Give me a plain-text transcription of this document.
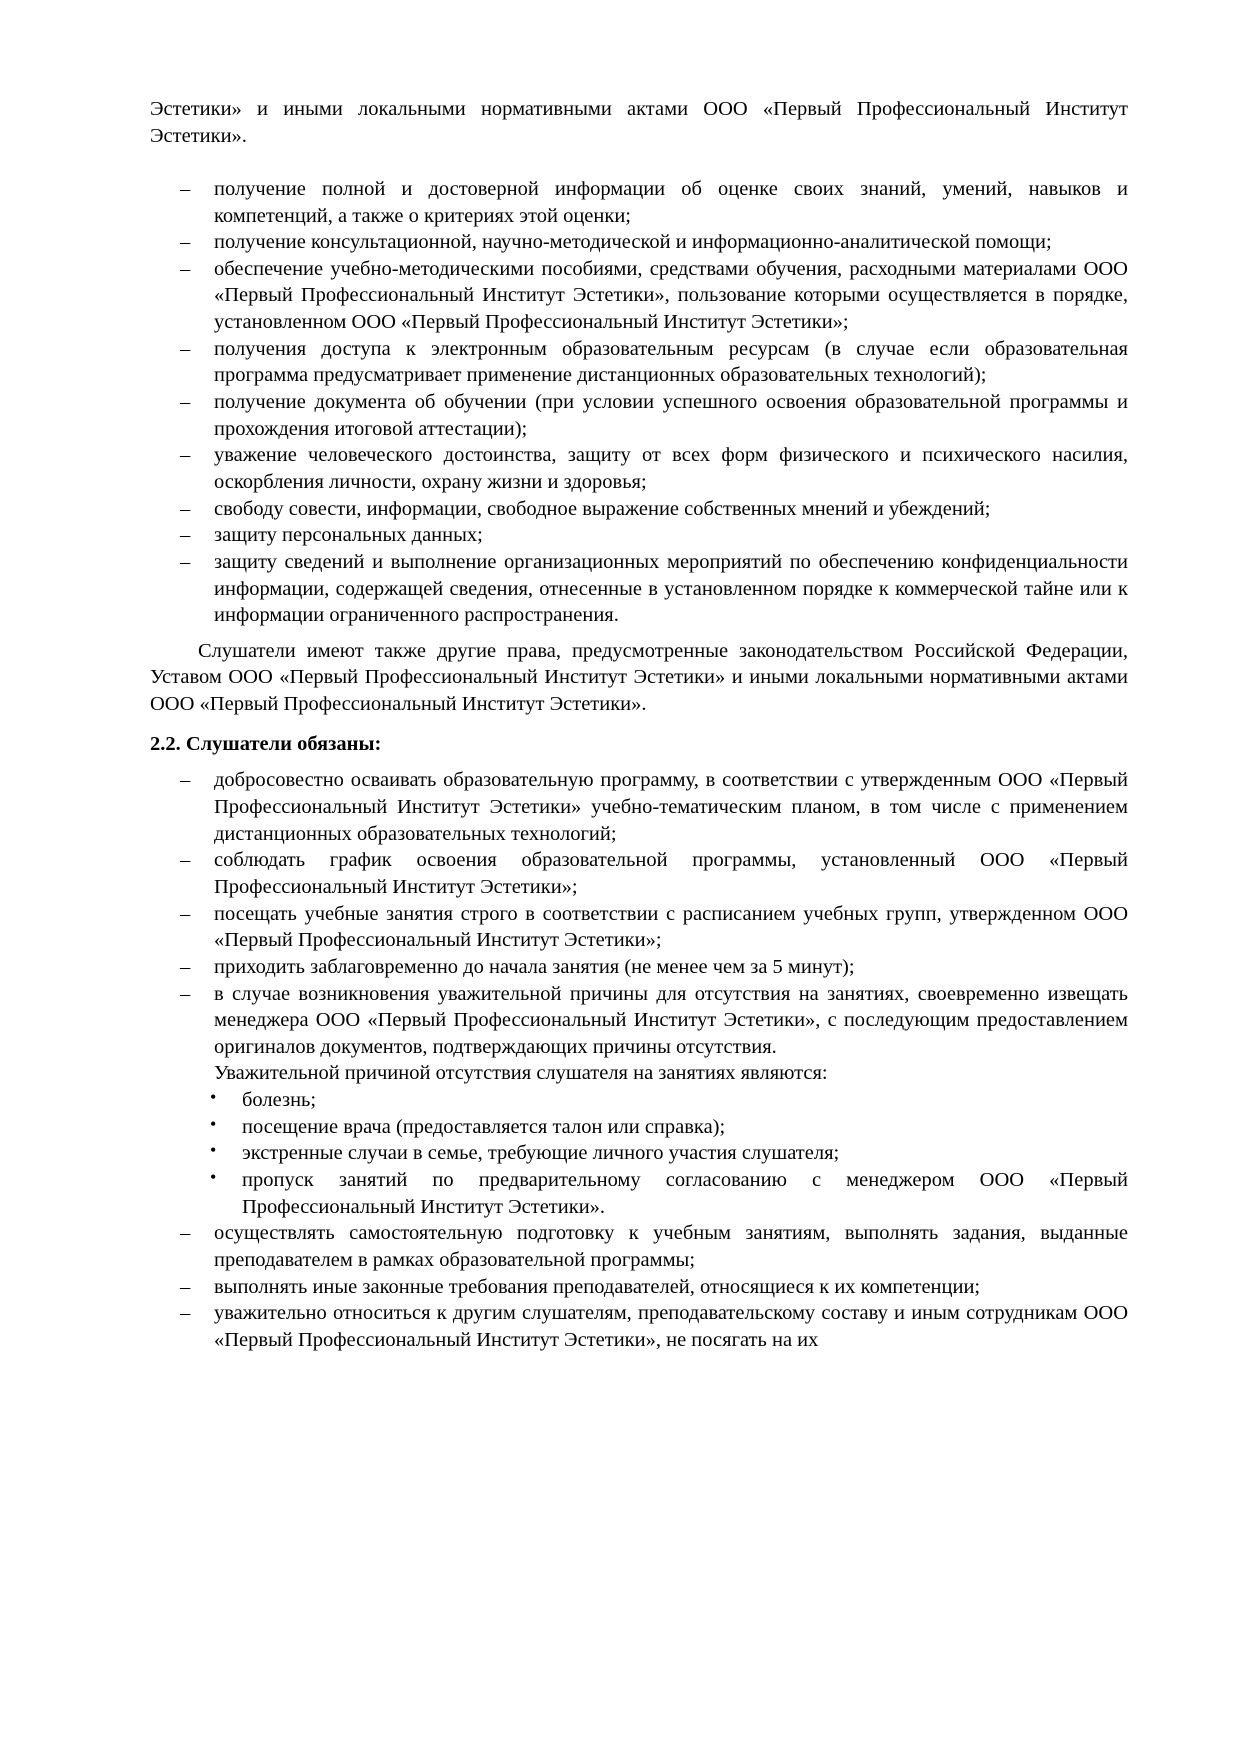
Эстетики» и иными локальными нормативными актами ООО «Первый Профессиональный Институт Эстетики».

– получение полной и достоверной информации об оценке своих знаний, умений, навыков и компетенций, а также о критериях этой оценки;
– получение консультационной, научно-методической и информационно-аналитической помощи;
– обеспечение учебно-методическими пособиями, средствами обучения, расходными материалами ООО «Первый Профессиональный Институт Эстетики», пользование которыми осуществляется в порядке, установленном ООО «Первый Профессиональный Институт Эстетики»;
– получения доступа к электронным образовательным ресурсам (в случае если образовательная программа предусматривает применение дистанционных образовательных технологий);
– получение документа об обучении (при условии успешного освоения образовательной программы и прохождения итоговой аттестации);
– уважение человеческого достоинства, защиту от всех форм физического и психического насилия, оскорбления личности, охрану жизни и здоровья;
– свободу совести, информации, свободное выражение собственных мнений и убеждений;
– защиту персональных данных;
– защиту сведений и выполнение организационных мероприятий по обеспечению конфиденциальности информации, содержащей сведения, отнесенные в установленном порядке к коммерческой тайне или к информации ограниченного распространения.

Слушатели имеют также другие права, предусмотренные законодательством Российской Федерации, Уставом ООО «Первый Профессиональный Институт Эстетики» и иными локальными нормативными актами ООО «Первый Профессиональный Институт Эстетики».

2.2. Слушатели обязаны:

– добросовестно осваивать образовательную программу, в соответствии с утвержденным ООО «Первый Профессиональный Институт Эстетики» учебно-тематическим планом, в том числе с применением дистанционных образовательных технологий;
– соблюдать график освоения образовательной программы, установленный ООО «Первый Профессиональный Институт Эстетики»;
– посещать учебные занятия строго в соответствии с расписанием учебных групп, утвержденном ООО «Первый Профессиональный Институт Эстетики»;
– приходить заблаговременно до начала занятия (не менее чем за 5 минут);
– в случае возникновения уважительной причины для отсутствия на занятиях, своевременно извещать менеджера ООО «Первый Профессиональный Институт Эстетики», с последующим предоставлением оригиналов документов, подтверждающих причины отсутствия.

Уважительной причиной отсутствия слушателя на занятиях являются:

• болезнь;
• посещение врача (предоставляется талон или справка);
• экстренные случаи в семье, требующие личного участия слушателя;
• пропуск занятий по предварительному согласованию с менеджером ООО «Первый Профессиональный Институт Эстетики».
– осуществлять самостоятельную подготовку к учебным занятиям, выполнять задания, выданные преподавателем в рамках образовательной программы;
– выполнять иные законные требования преподавателей, относящиеся к их компетенции;
– уважительно относиться к другим слушателям, преподавательскому составу и иным сотрудникам ООО «Первый Профессиональный Институт Эстетики», не посягать на их
